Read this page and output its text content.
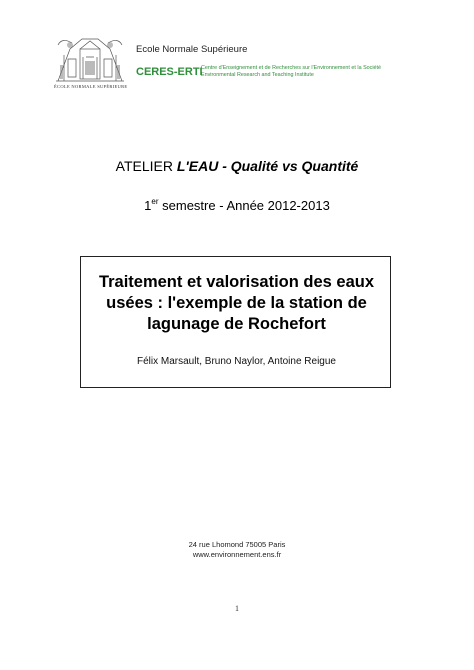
ÉCOLE NORMALE SUPÉRIEURE
Ecole Normale Supérieure
CERES-ERTI
Centre d'Enseignement et de Recherches sur l'Environnement et la Société
Environmental Research and Teaching Institute
ATELIER L'EAU - Qualité vs Quantité
1er semestre - Année 2012-2013
Traitement et valorisation des eaux usées : l'exemple de la station de lagunage de Rochefort
Félix Marsault, Bruno Naylor, Antoine Reigue
24 rue Lhomond 75005 Paris
www.environnement.ens.fr
1
